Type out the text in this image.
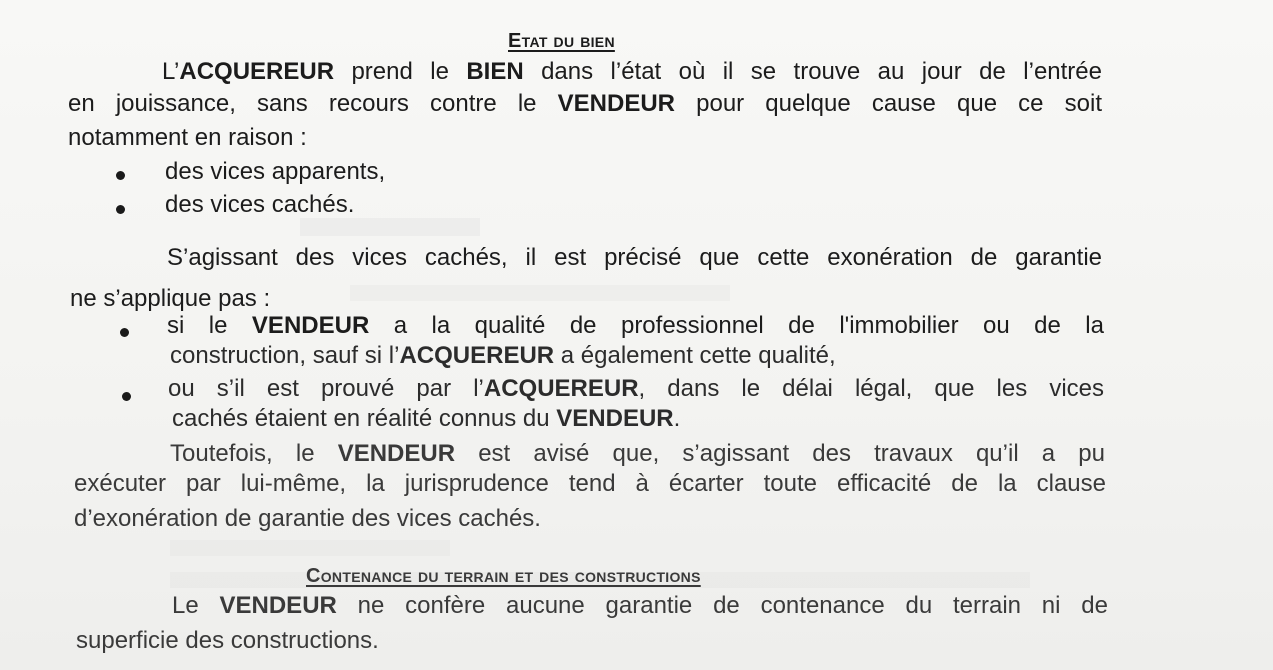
Etat du bien
L’ACQUEREUR prend le BIEN dans l’état où il se trouve au jour de l’entrée
en jouissance, sans recours contre le VENDEUR pour quelque cause que ce soit
notamment en raison :
des vices apparents,
des vices cachés.
S’agissant des vices cachés, il est précisé que cette exonération de garantie
ne s’applique pas :
si le VENDEUR a la qualité de professionnel de l'immobilier ou de la
construction, sauf si l’ACQUEREUR a également cette qualité,
ou s’il est prouvé par l’ACQUEREUR, dans le délai légal, que les vices
cachés étaient en réalité connus du VENDEUR.
Toutefois, le VENDEUR est avisé que, s’agissant des travaux qu’il a pu
exécuter par lui-même, la jurisprudence tend à écarter toute efficacité de la clause
d’exonération de garantie des vices cachés.
Contenance du terrain et des constructions
Le VENDEUR ne confère aucune garantie de contenance du terrain ni de
superficie des constructions.
